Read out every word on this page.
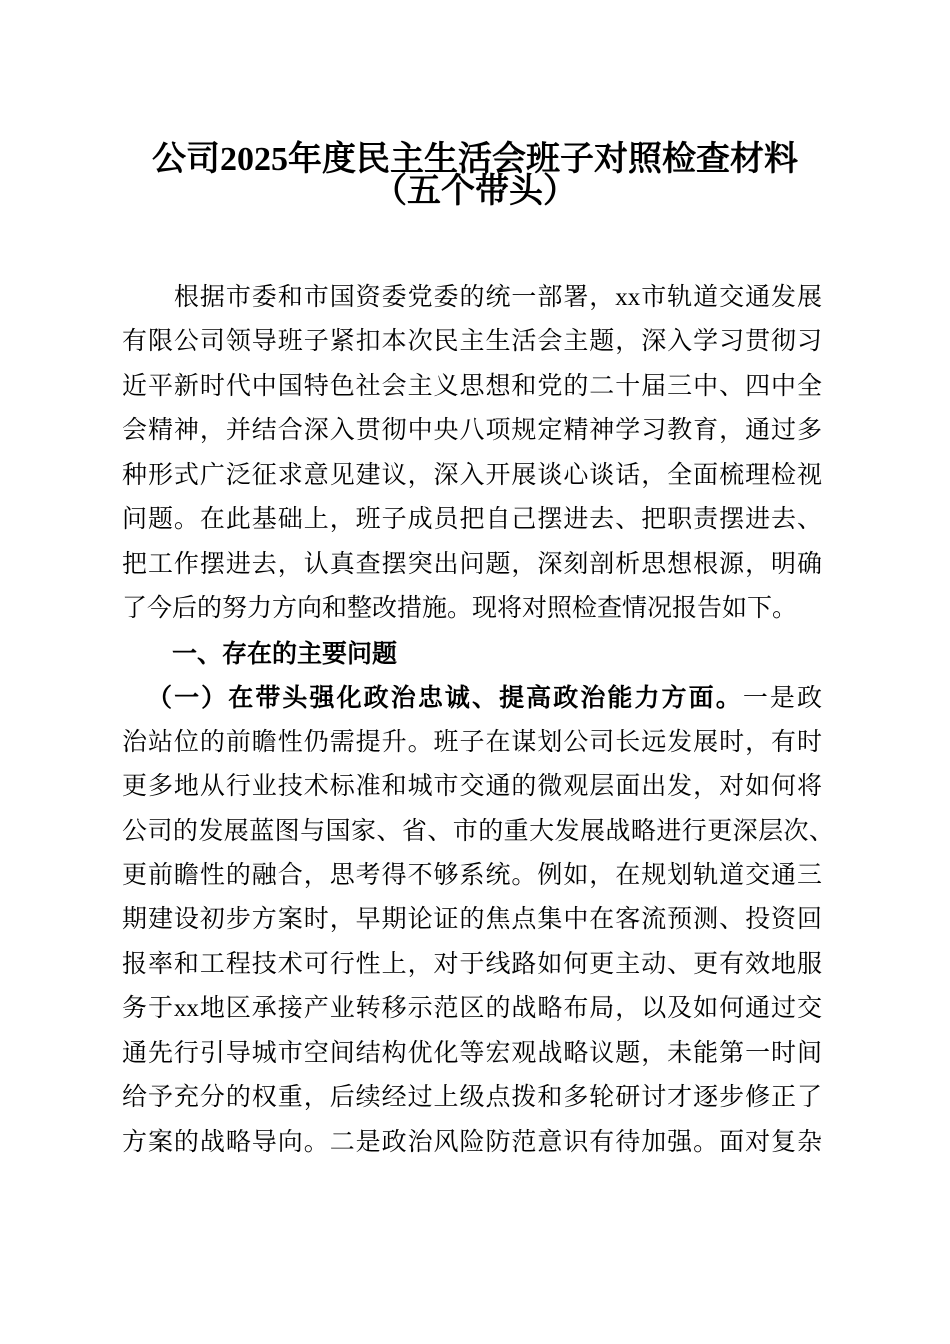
公司2025年度民主生活会班子对照检查材料
（五个带头）
　　根据市委和市国资委党委的统一部署，xx市轨道交通发展
有限公司领导班子紧扣本次民主生活会主题，深入学习贯彻习
近平新时代中国特色社会主义思想和党的二十届三中、四中全
会精神，并结合深入贯彻中央八项规定精神学习教育，通过多
种形式广泛征求意见建议，深入开展谈心谈话，全面梳理检视
问题。在此基础上，班子成员把自己摆进去、把职责摆进去、
把工作摆进去，认真查摆突出问题，深刻剖析思想根源，明确
了今后的努力方向和整改措施。现将对照检查情况报告如下。
　　一、存在的主要问题
（一）在带头强化政治忠诚、提高政治能力方面。一是政
治站位的前瞻性仍需提升。班子在谋划公司长远发展时，有时
更多地从行业技术标准和城市交通的微观层面出发，对如何将
公司的发展蓝图与国家、省、市的重大发展战略进行更深层次、
更前瞻性的融合，思考得不够系统。例如，在规划轨道交通三
期建设初步方案时，早期论证的焦点集中在客流预测、投资回
报率和工程技术可行性上，对于线路如何更主动、更有效地服
务于xx地区承接产业转移示范区的战略布局，以及如何通过交
通先行引导城市空间结构优化等宏观战略议题，未能第一时间
给予充分的权重，后续经过上级点拨和多轮研讨才逐步修正了
方案的战略导向。二是政治风险防范意识有待加强。面对复杂
